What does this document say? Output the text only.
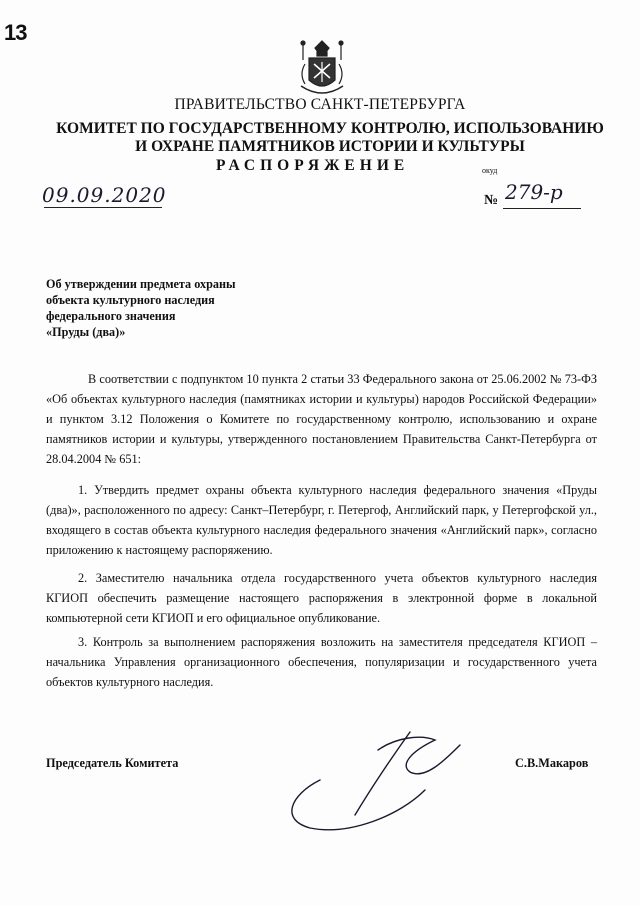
13
ПРАВИТЕЛЬСТВО САНКТ-ПЕТЕРБУРГА
КОМИТЕТ ПО ГОСУДАРСТВЕННОМУ КОНТРОЛЮ, ИСПОЛЬЗОВАНИЮ
И ОХРАНЕ ПАМЯТНИКОВ ИСТОРИИ И КУЛЬТУРЫ
РАСПОРЯЖЕНИЕ	окуд
09.09.2020	№ 279-р
Об утверждении предмета охраны
объекта культурного наследия
федерального значения
«Пруды (два)»
В соответствии с подпунктом 10 пункта 2 статьи 33 Федерального закона от 25.06.2002 № 73-ФЗ «Об объектах культурного наследия (памятниках истории и культуры) народов Российской Федерации» и пунктом 3.12 Положения о Комитете по государственному контролю, использованию и охране памятников истории и культуры, утвержденного постановлением Правительства Санкт-Петербурга от 28.04.2004 № 651:
1. Утвердить предмет охраны объекта культурного наследия федерального значения «Пруды (два)», расположенного по адресу: Санкт–Петербург, г. Петергоф, Английский парк, у Петергофской ул., входящего в состав объекта культурного наследия федерального значения «Английский парк», согласно приложению к настоящему распоряжению.
2. Заместителю начальника отдела государственного учета объектов культурного наследия КГИОП обеспечить размещение настоящего распоряжения в электронной форме в локальной компьютерной сети КГИОП и его официальное опубликование.
3. Контроль за выполнением распоряжения возложить на заместителя председателя КГИОП – начальника Управления организационного обеспечения, популяризации и государственного учета объектов культурного наследия.
Председатель Комитета	С.В.Макаров
